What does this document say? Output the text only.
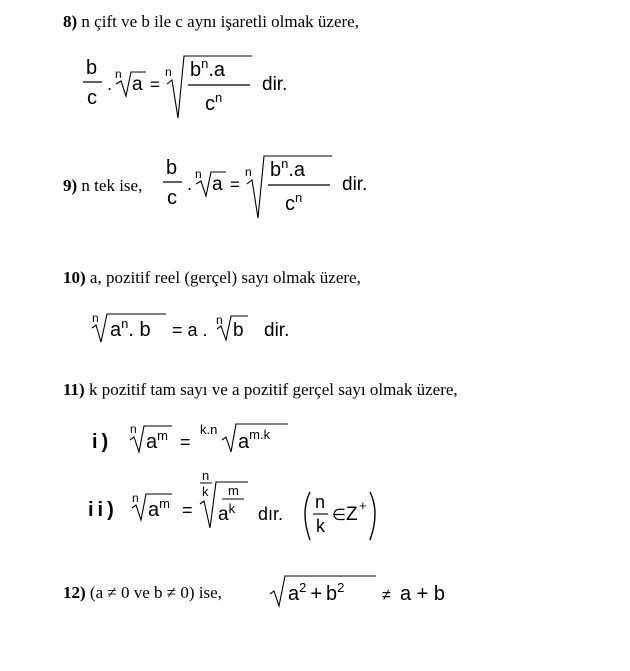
8) n çift ve b ile c aynı işaretli olmak üzere,
b
c
. n a =
n $b^n.a$
$c^n$
dir.
9) n tek ise,
b
c
. n a =
n $b^n.a$
$c^n$
dir.
10) a, pozitif reel (gerçel) sayı olmak üzere,
n
$a^n$. b = a . n b dir.
11) k pozitif tam sayı ve a pozitif gerçel sayı olmak üzere,
i)
n
$a^m$ =
k.n
$a^{m.k}$
ii)
n
$a^m$ =
n
k m
$a^k$ dır.
n
k
∈ Z +
12) (a ≠ 0 ve b ≠ 0) ise,	$a^2 + b^2 \ne a + b$
